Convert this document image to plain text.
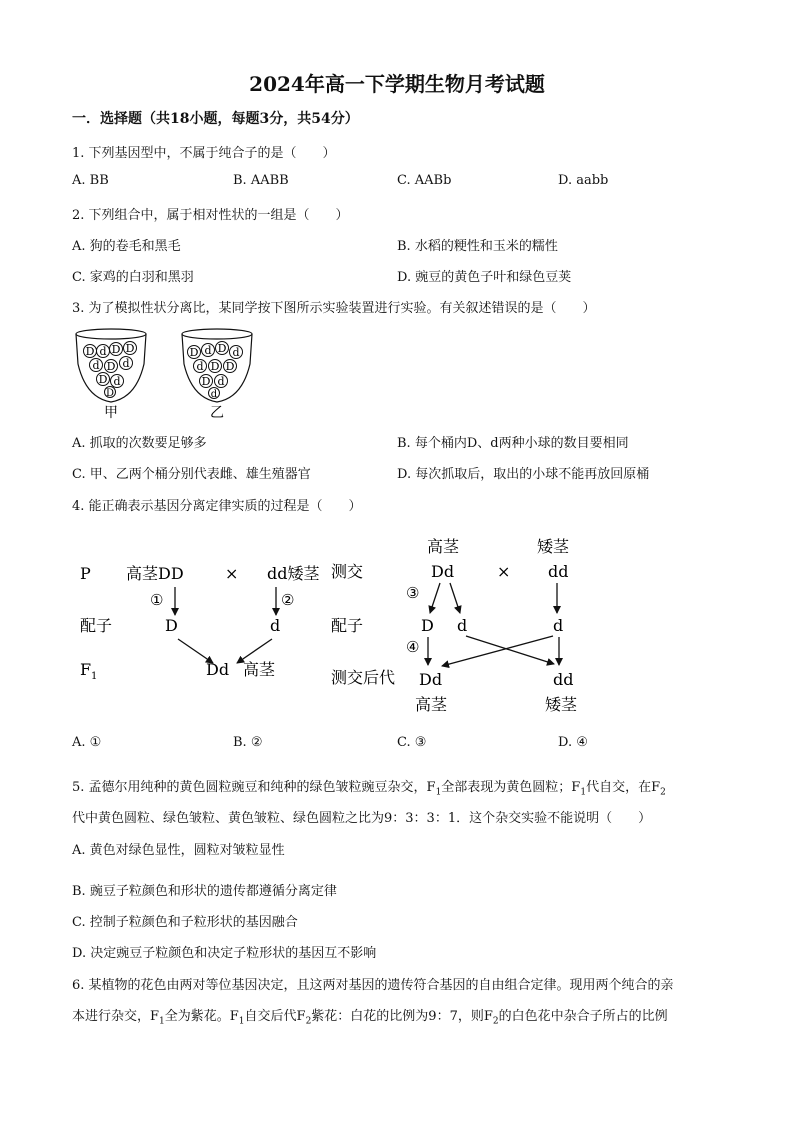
2024年高一下学期生物月考试题
一．选择题（共18小题，每题3分，共54分）
1. 下列基因型中，不属于纯合子的是（　　）
A. BB	B. AABB	C. AABb	D. aabb
2. 下列组合中，属于相对性状的一组是（　　）
A. 狗的卷毛和黑毛	B. 水稻的粳性和玉米的糯性
C. 家鸡的白羽和黑羽	D. 豌豆的黄色子叶和绿色豆荚
3. 为了模拟性状分离比，某同学按下图所示实验装置进行实验。有关叙述错误的是（　　）
D d D D
d D d
D d
D
甲
D d D d
d D D
D d
d
乙
A. 抓取的次数要足够多	B. 每个桶内D、d两种小球的数目要相同
C. 甲、乙两个桶分别代表雌、雄生殖器官	D. 每次抓取后，取出的小球不能再放回原桶
4. 能正确表示基因分离定律实质的过程是（　　）
P 高茎DD	× dd矮茎
①	②
配子	D	d
F 1	Dd 高茎
高茎	矮茎
测交	Dd	× dd
③
配子	D d	d
④
测交后代 Dd	dd
高茎	矮茎
A. ①	B. ②	C. ③	D. ④
5. 孟德尔用纯种的黄色圆粒豌豆和纯种的绿色皱粒豌豆杂交，$F_1$全部表现为黄色圆粒；$F_1$代自交，在$F_2$
代中黄色圆粒、绿色皱粒、黄色皱粒、绿色圆粒之比为9：3：3：1．这个杂交实验不能说明（　　）
A. 黄色对绿色显性，圆粒对皱粒显性
B. 豌豆子粒颜色和形状的遗传都遵循分离定律
C. 控制子粒颜色和子粒形状的基因融合
D. 决定豌豆子粒颜色和决定子粒形状的基因互不影响
6. 某植物的花色由两对等位基因决定，且这两对基因的遗传符合基因的自由组合定律。现用两个纯合的亲
本进行杂交，$F_1$全为紫花。$F_1$自交后代$F_2$紫花：白花的比例为9：7，则$F_2$的白色花中杂合子所占的比例
